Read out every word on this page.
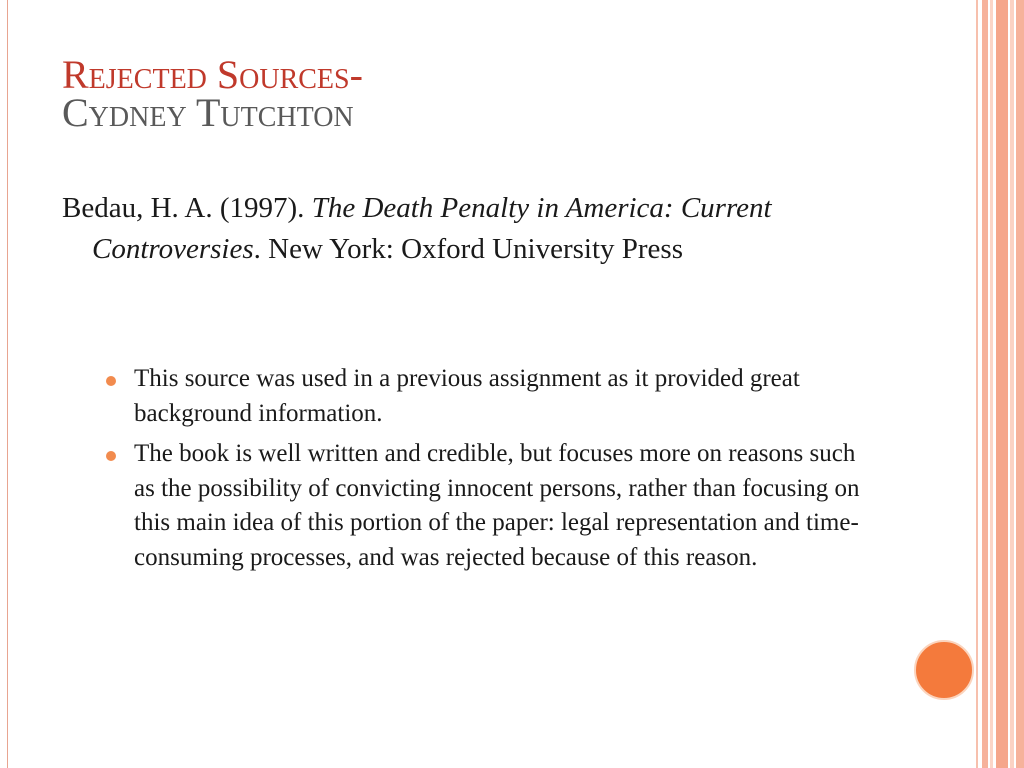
Rejected Sources-
Cydney Tutchton
Bedau, H. A. (1997). The Death Penalty in America: Current Controversies. New York: Oxford University Press
This source was used in a previous assignment as it provided great background information.
The book is well written and credible, but focuses more on reasons such as the possibility of convicting innocent persons, rather than focusing on this main idea of this portion of the paper: legal representation and time-consuming processes, and was rejected because of this reason.
